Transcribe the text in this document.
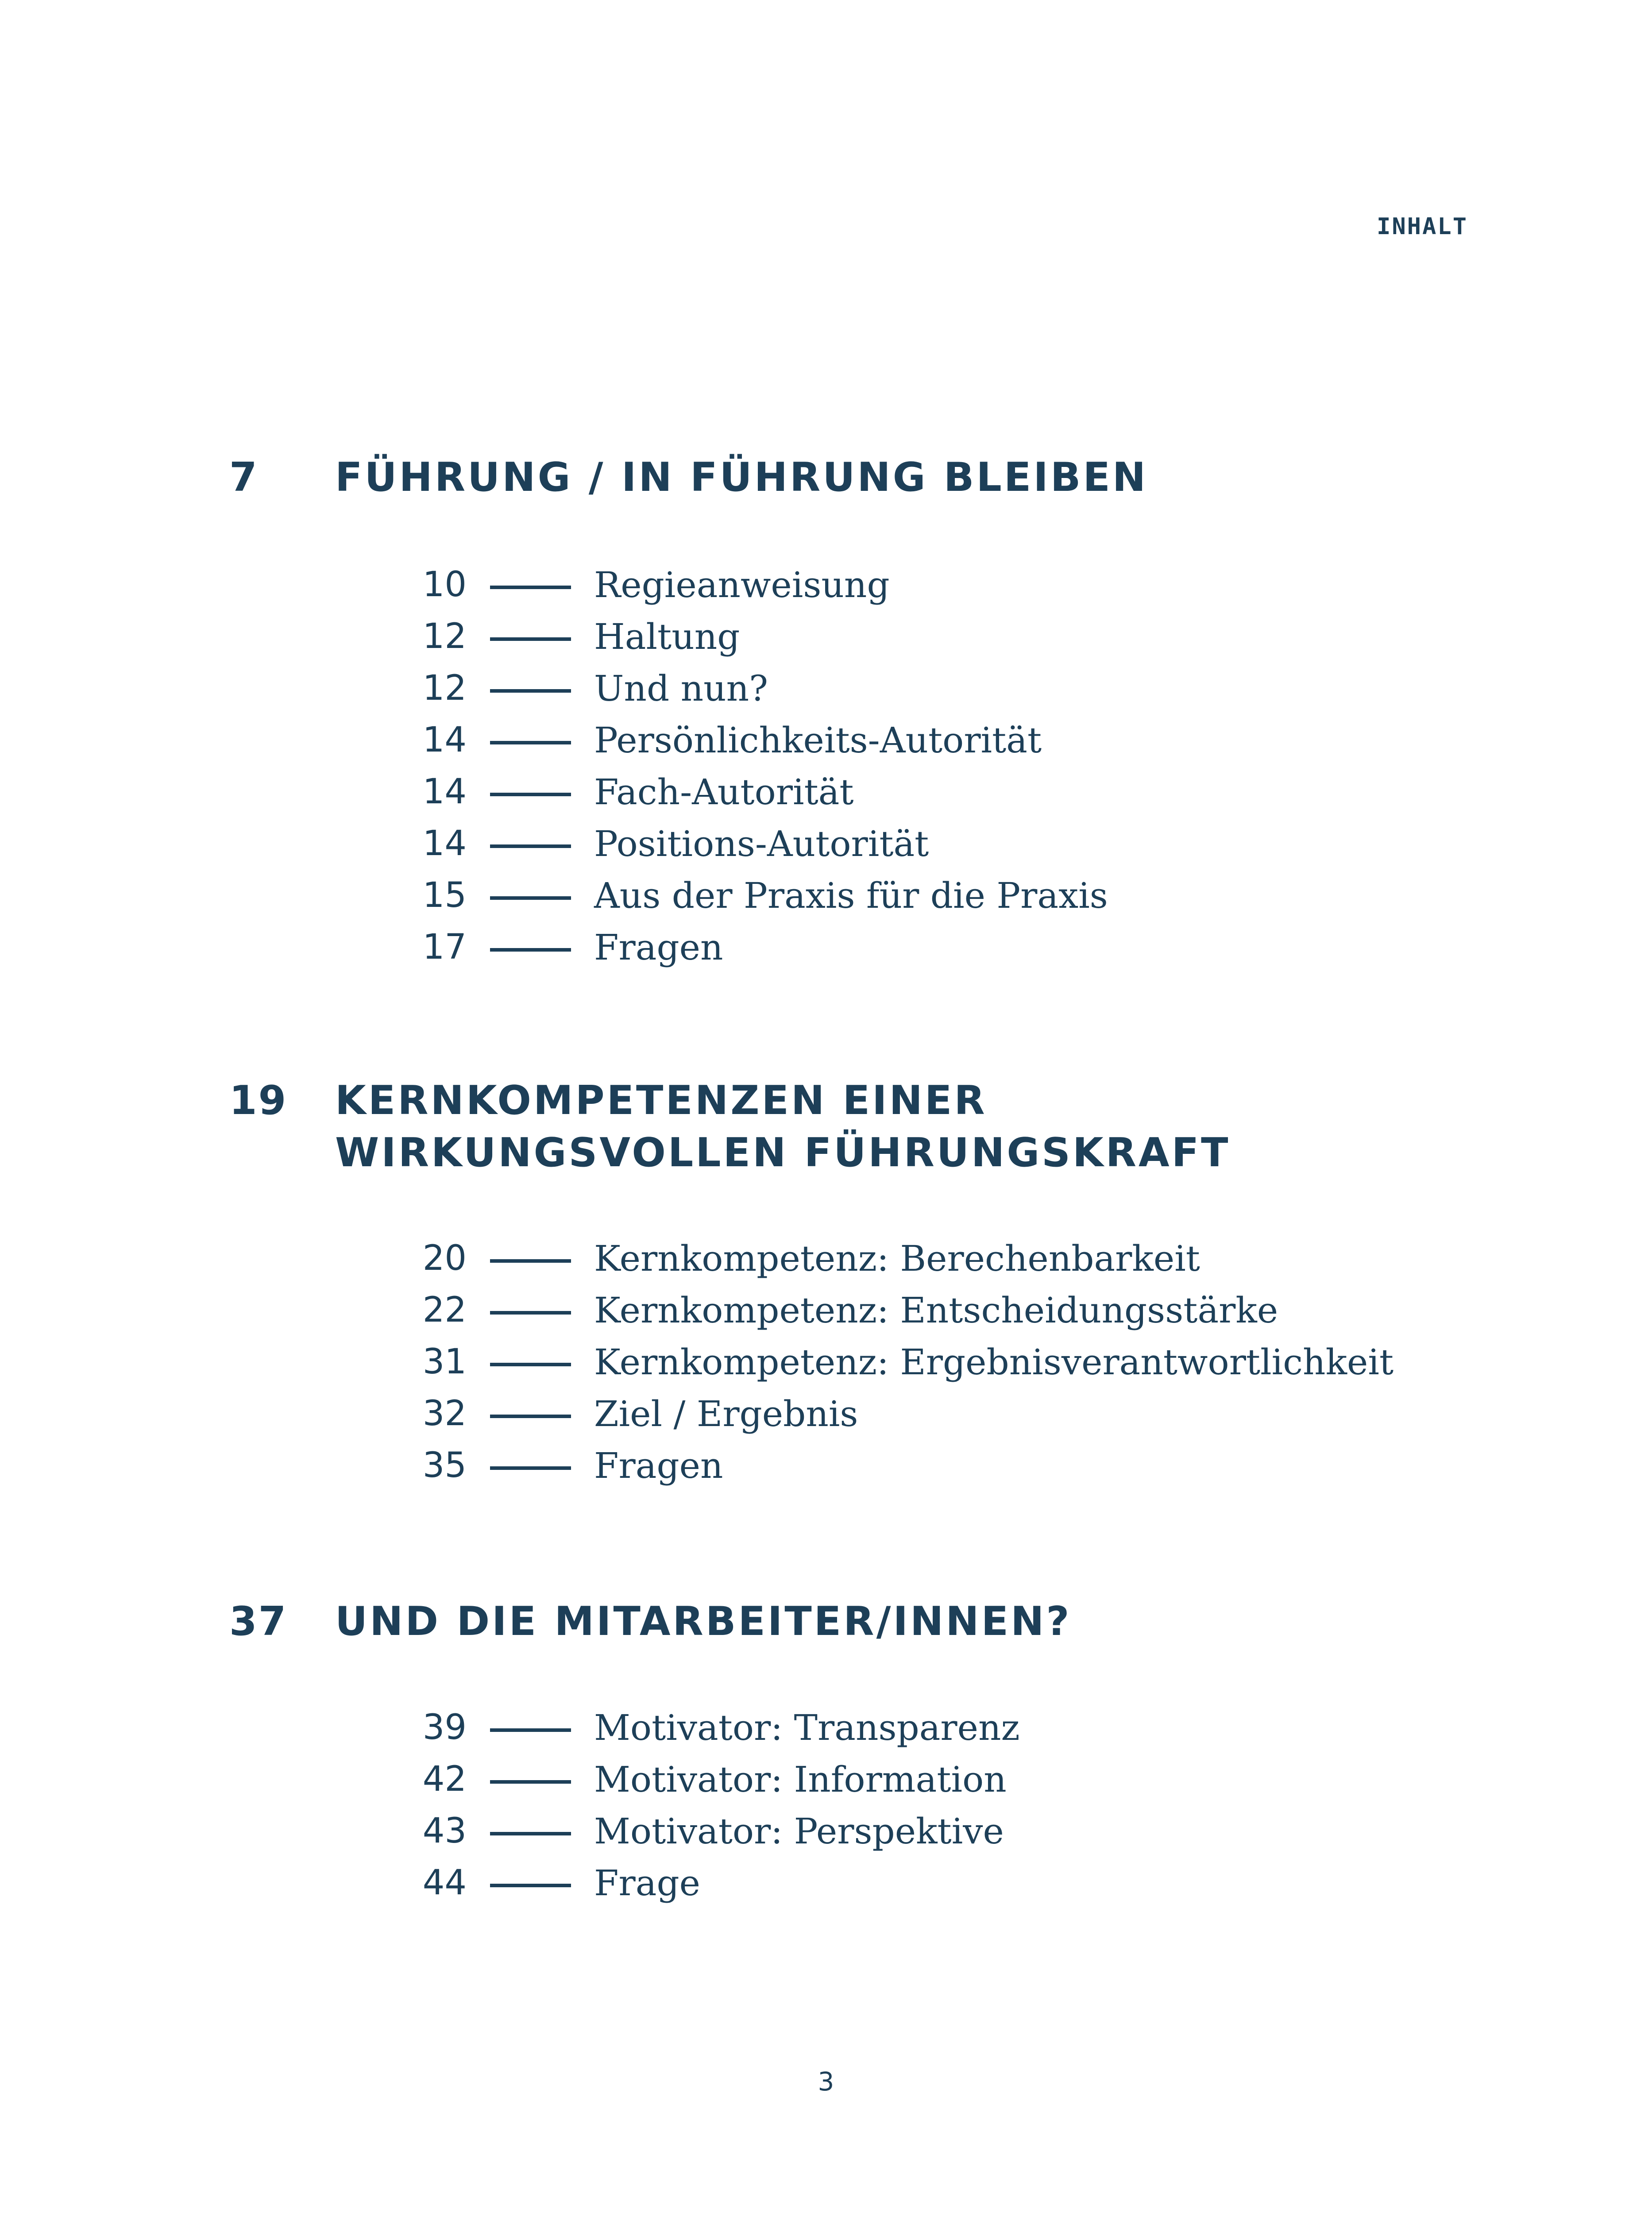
INHALT
7 FÜHRUNG / IN FÜHRUNG BLEIBEN
10	Regieanweisung
12	Haltung
12	Und nun?
14	Persönlichkeits-Autorität
14	Fach-Autorität
14	Positions-Autorität
15	Aus der Praxis für die Praxis
17	Fragen
19 KERNKOMPETENZEN EINER
WIRKUNGSVOLLEN FÜHRUNGSKRAFT
20	Kernkompetenz: Berechenbarkeit
22	Kernkompetenz: Entscheidungsstärke
31	Kernkompetenz: Ergebnisverantwortlichkeit
32	Ziel / Ergebnis
35	Fragen
37 UND DIE MITARBEITER/INNEN?
39	Motivator: Transparenz
42	Motivator: Information
43	Motivator: Perspektive
44	Frage
3
